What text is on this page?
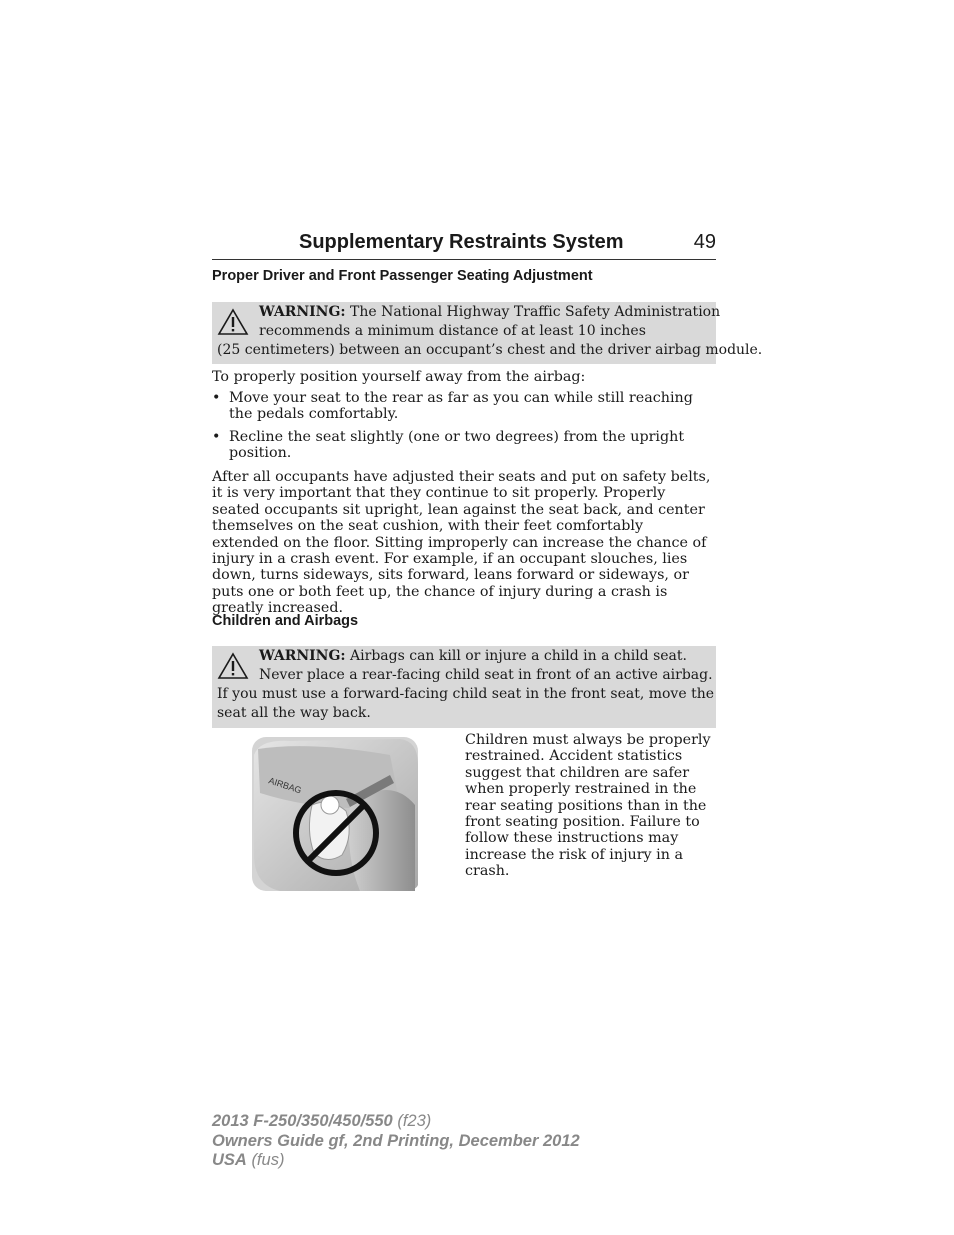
Supplementary Restraints System	49
Proper Driver and Front Passenger Seating Adjustment
WARNING: The National Highway Traffic Safety Administration
recommends a minimum distance of at least 10 inches
(25 centimeters) between an occupant’s chest and the driver airbag module.
To properly position yourself away from the airbag:
• Move your seat to the rear as far as you can while still reaching the pedals comfortably.
• Recline the seat slightly (one or two degrees) from the upright position.
After all occupants have adjusted their seats and put on safety belts, it is very important that they continue to sit properly. Properly seated occupants sit upright, lean against the seat back, and center themselves on the seat cushion, with their feet comfortably extended on the floor. Sitting improperly can increase the chance of injury in a crash event. For example, if an occupant slouches, lies down, turns sideways, sits forward, leans forward or sideways, or puts one or both feet up, the chance of injury during a crash is greatly increased.
Children and Airbags
WARNING: Airbags can kill or injure a child in a child seat.
Never place a rear-facing child seat in front of an active airbag.
If you must use a forward-facing child seat in the front seat, move the
seat all the way back.
AIRBAG
Children must always be properly restrained. Accident statistics suggest that children are safer when properly restrained in the rear seating positions than in the front seating position. Failure to follow these instructions may increase the risk of injury in a crash.
2013 F-250/350/450/550 (f23)
Owners Guide gf, 2nd Printing, December 2012
USA (fus)
